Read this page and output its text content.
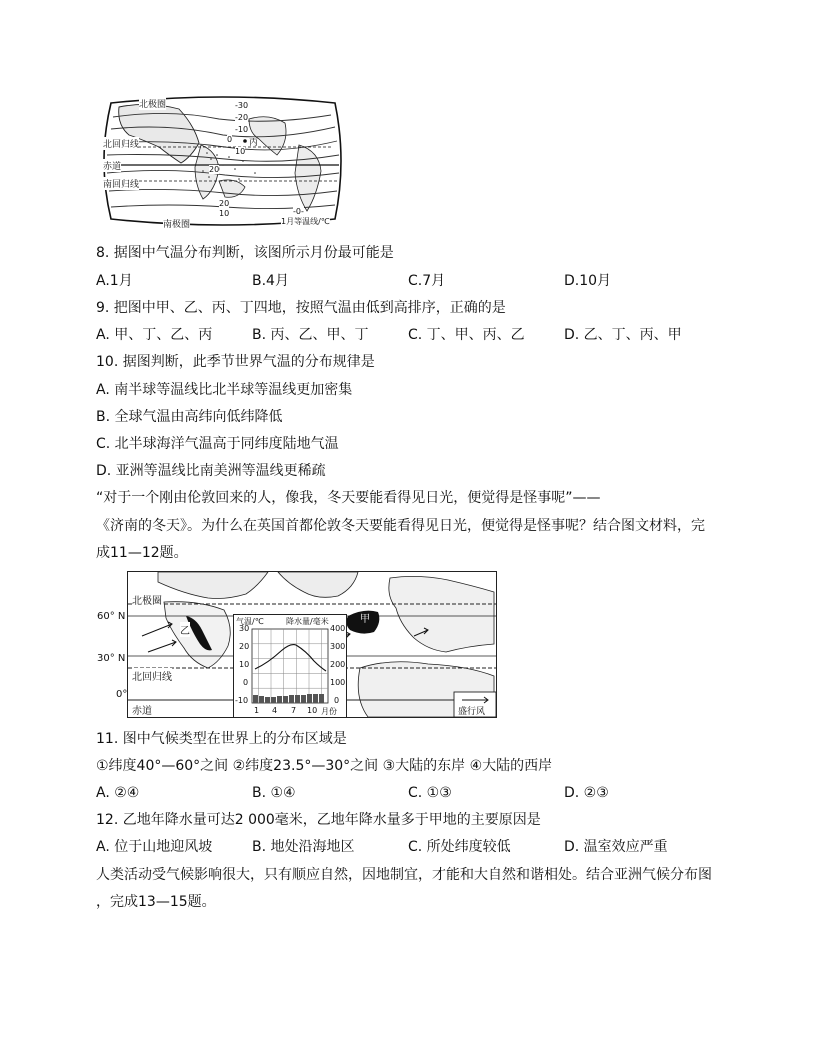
北极圈
北回归线
赤道
南回归线
南极圈
丙
-30
-20
-10
0
10
20
20
10	-0-
1月等温线/℃
8. 据图中气温分布判断，该图所示月份最可能是
A.1月	B.4月	C.7月	D.10月
9. 把图中甲、乙、丙、丁四地，按照气温由低到高排序，正确的是
A. 甲、丁、乙、丙	B. 丙、乙、甲、丁	C. 丁、甲、丙、乙	D. 乙、丁、丙、甲
10. 据图判断，此季节世界气温的分布规律是
A. 南半球等温线比北半球等温线更加密集
B. 全球气温由高纬向低纬降低
C. 北半球海洋气温高于同纬度陆地气温
D. 亚洲等温线比南美洲等温线更稀疏
“对于一个刚由伦敦回来的人，像我，冬天要能看得见日光，便觉得是怪事呢”——
《济南的冬天》。为什么在英国首都伦敦冬天要能看得见日光，便觉得是怪事呢？结合图文材料，完
成11—12题。
60° N
30° N
0°
北极圈
北回归线
赤道
乙
甲
盛行风
气温/℃	降水量/毫米
30
20
10
0
-10
400
300
200
100
0
1 4 7 10 月份
11. 图中气候类型在世界上的分布区域是
①纬度40°—60°之间 ②纬度23.5°—30°之间 ③大陆的东岸 ④大陆的西岸
A. ②④	B. ①④	C. ①③	D. ②③
12. 乙地年降水量可达2 000毫米，乙地年降水量多于甲地的主要原因是
A. 位于山地迎风坡	B. 地处沿海地区	C. 所处纬度较低	D. 温室效应严重
人类活动受气候影响很大，只有顺应自然，因地制宜，才能和大自然和谐相处。结合亚洲气候分布图
，完成13—15题。
